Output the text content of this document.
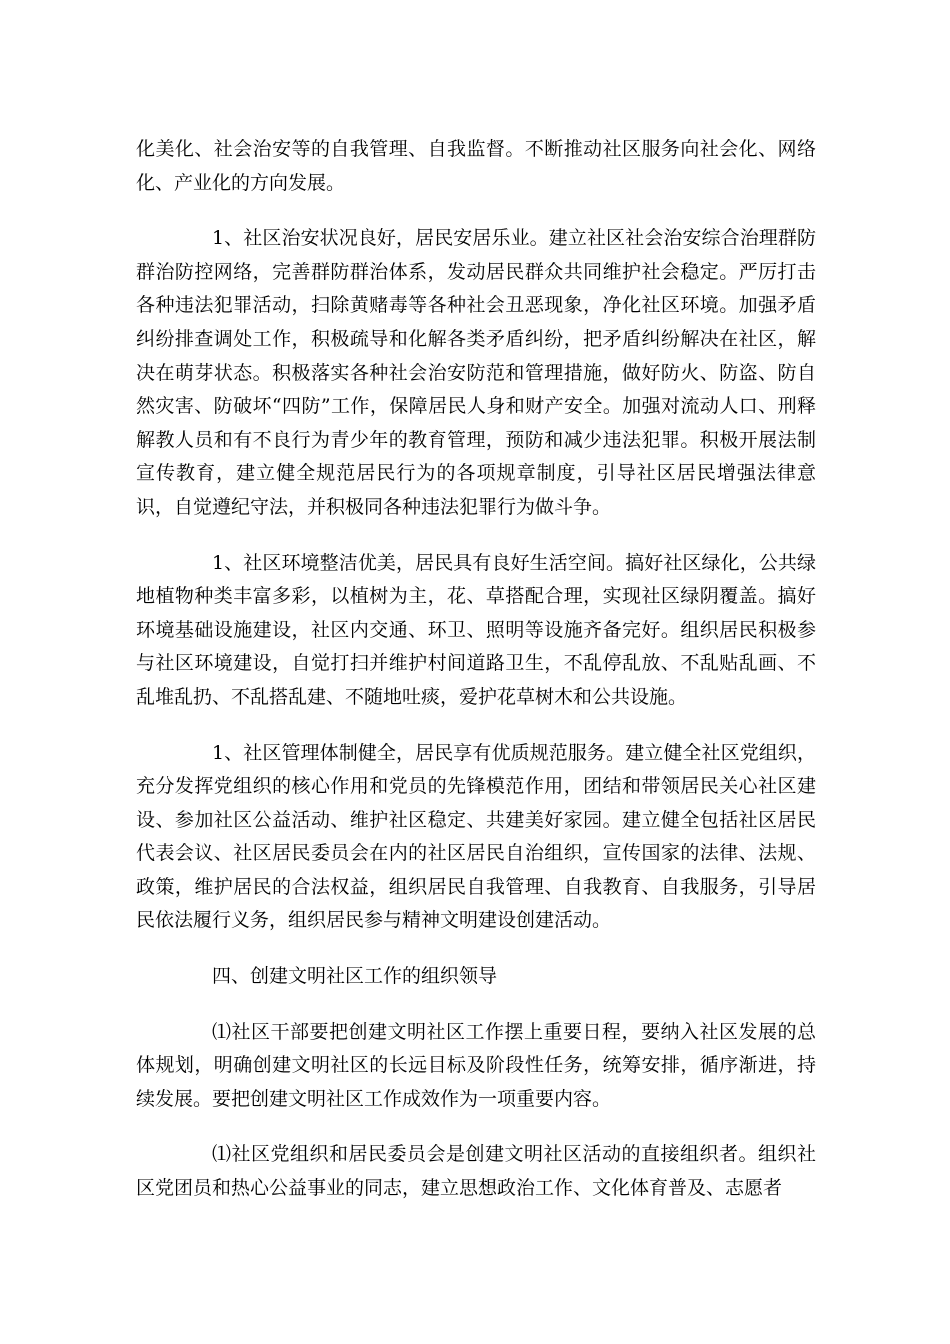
化美化、社会治安等的自我管理、自我监督。不断推动社区服务向社会化、网络化、产业化的方向发展。

1、社区治安状况良好，居民安居乐业。建立社区社会治安综合治理群防群治防控网络，完善群防群治体系，发动居民群众共同维护社会稳定。严厉打击各种违法犯罪活动，扫除黄赌毒等各种社会丑恶现象，净化社区环境。加强矛盾纠纷排查调处工作，积极疏导和化解各类矛盾纠纷，把矛盾纠纷解决在社区，解决在萌芽状态。积极落实各种社会治安防范和管理措施，做好防火、防盗、防自然灾害、防破坏“四防”工作，保障居民人身和财产安全。加强对流动人口、刑释解教人员和有不良行为青少年的教育管理，预防和减少违法犯罪。积极开展法制宣传教育，建立健全规范居民行为的各项规章制度，引导社区居民增强法律意识，自觉遵纪守法，并积极同各种违法犯罪行为做斗争。

1、社区环境整洁优美，居民具有良好生活空间。搞好社区绿化，公共绿地植物种类丰富多彩，以植树为主，花、草搭配合理，实现社区绿阴覆盖。搞好环境基础设施建设，社区内交通、环卫、照明等设施齐备完好。组织居民积极参与社区环境建设，自觉打扫并维护村间道路卫生，不乱停乱放、不乱贴乱画、不乱堆乱扔、不乱搭乱建、不随地吐痰，爱护花草树木和公共设施。

1、社区管理体制健全，居民享有优质规范服务。建立健全社区党组织，充分发挥党组织的核心作用和党员的先锋模范作用，团结和带领居民关心社区建设、参加社区公益活动、维护社区稳定、共建美好家园。建立健全包括社区居民代表会议、社区居民委员会在内的社区居民自治组织，宣传国家的法律、法规、政策，维护居民的合法权益，组织居民自我管理、自我教育、自我服务，引导居民依法履行义务，组织居民参与精神文明建设创建活动。

四、创建文明社区工作的组织领导

⑴社区干部要把创建文明社区工作摆上重要日程，要纳入社区发展的总体规划，明确创建文明社区的长远目标及阶段性任务，统筹安排，循序渐进，持续发展。要把创建文明社区工作成效作为一项重要内容。

⑴社区党组织和居民委员会是创建文明社区活动的直接组织者。组织社区党团员和热心公益事业的同志，建立思想政治工作、文化体育普及、志愿者
